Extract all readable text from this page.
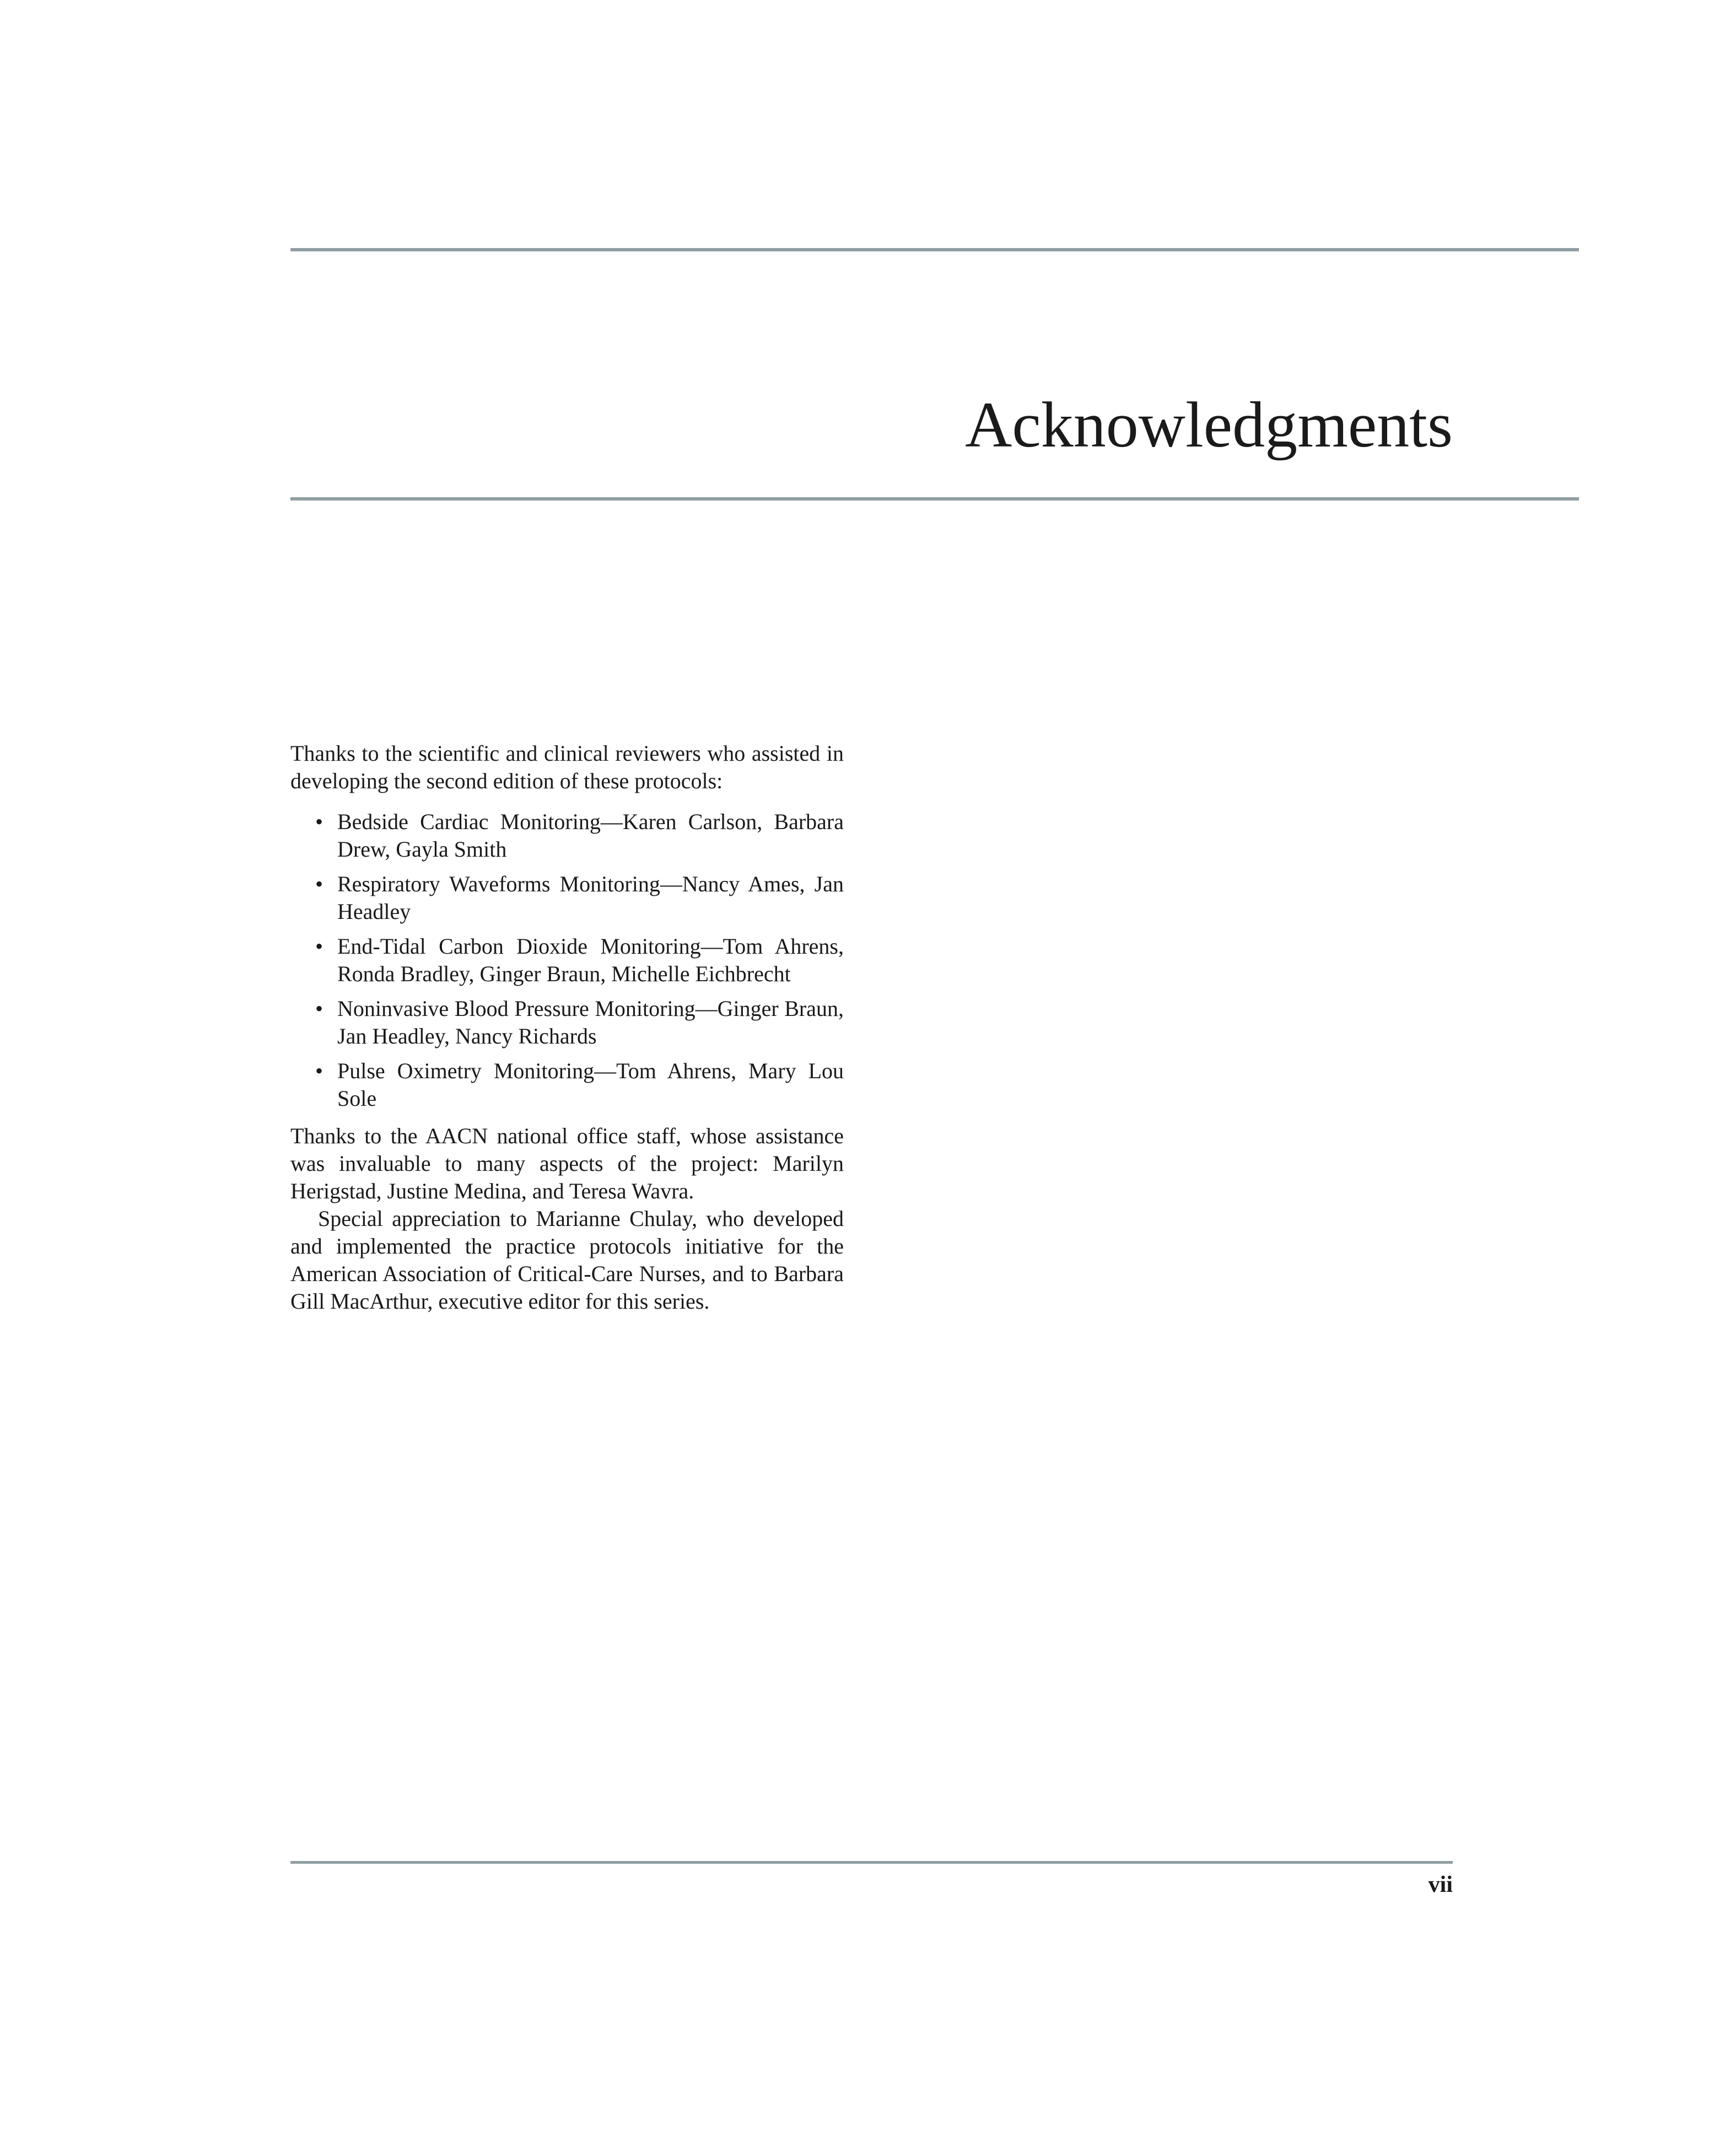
Acknowledgments

Thanks to the scientific and clinical reviewers who assisted in developing the second edition of these protocols:

• Bedside Cardiac Monitoring—Karen Carlson, Barbara Drew, Gayla Smith
• Respiratory Waveforms Monitoring—Nancy Ames, Jan Headley
• End-Tidal Carbon Dioxide Monitoring—Tom Ahrens, Ronda Bradley, Ginger Braun, Michelle Eichbrecht
• Noninvasive Blood Pressure Monitoring—Ginger Braun, Jan Headley, Nancy Richards
• Pulse Oximetry Monitoring—Tom Ahrens, Mary Lou Sole

Thanks to the AACN national office staff, whose assistance was invaluable to many aspects of the project: Marilyn Herigstad, Justine Medina, and Teresa Wavra.

Special appreciation to Marianne Chulay, who developed and implemented the practice protocols initiative for the American Association of Critical-Care Nurses, and to Barbara Gill MacArthur, executive editor for this series.

vii
